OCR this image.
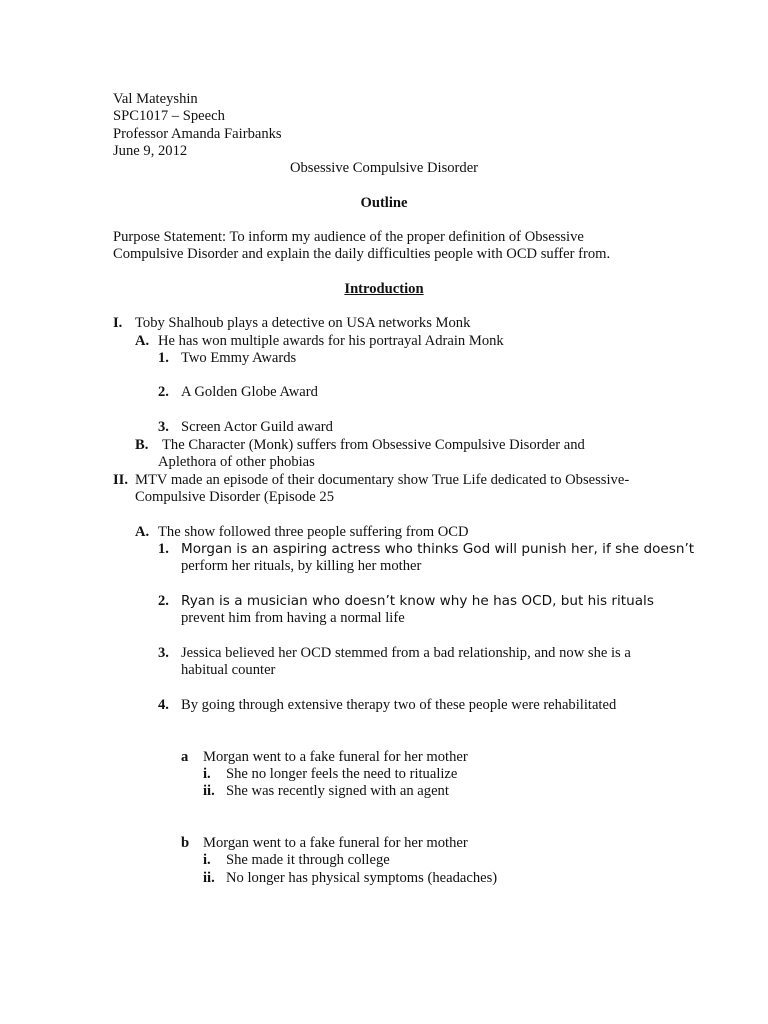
Val Mateyshin
SPC1017 – Speech
Professor Amanda Fairbanks
June 9, 2012
Obsessive Compulsive Disorder
Outline
Purpose Statement: To inform my audience of the proper definition of Obsessive
Compulsive Disorder and explain the daily difficulties people with OCD suffer from.
Introduction
I. Toby Shalhoub plays a detective on USA networks Monk
A. He has won multiple awards for his portrayal Adrain Monk
1. Two Emmy Awards
2. A Golden Globe Award
3. Screen Actor Guild award
B. The Character (Monk) suffers from Obsessive Compulsive Disorder and
Aplethora of other phobias
II. MTV made an episode of their documentary show True Life dedicated to Obsessive-
Compulsive Disorder (Episode 25
A. The show followed three people suffering from OCD
1. Morgan is an aspiring actress who thinks God will punish her, if she doesn’t
perform her rituals, by killing her mother
2. Ryan is a musician who doesn’t know why he has OCD, but his rituals
prevent him from having a normal life
3. Jessica believed her OCD stemmed from a bad relationship, and now she is a
habitual counter
4. By going through extensive therapy two of these people were rehabilitated
a Morgan went to a fake funeral for her mother
i. She no longer feels the need to ritualize
ii. She was recently signed with an agent
b Morgan went to a fake funeral for her mother
i. She made it through college
ii. No longer has physical symptoms (headaches)
